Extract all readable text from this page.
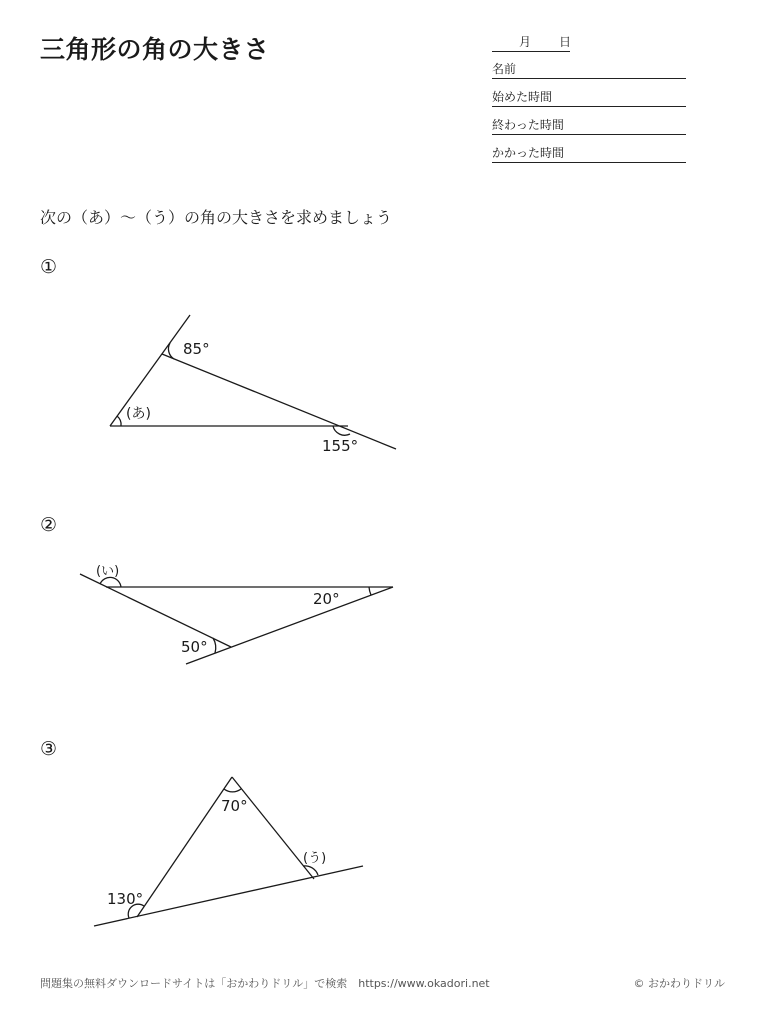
三角形の角の大きさ	月 日
名前
始めた時間
終わった時間
かかった時間
次の（あ）～（う）の角の大きさを求めましょう
①
②
③
85°
(あ)
155°
(い)
20°
50°
70°
(う)
130°
問題集の無料ダウンロードサイトは「おかわりドリル」で検索　https://www.okadori.net	© おかわりドリル
